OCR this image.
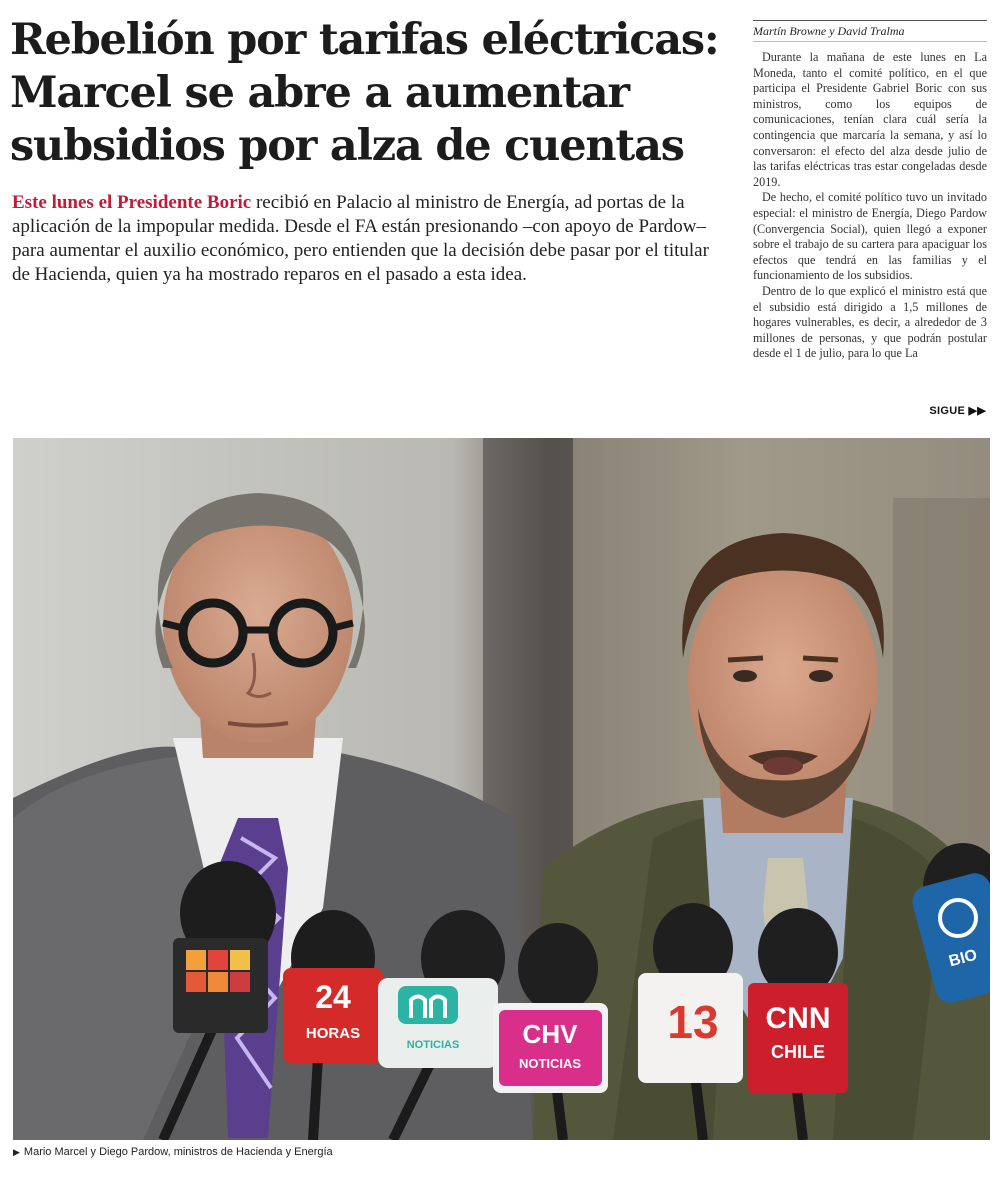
Rebelión por tarifas eléctricas:
Marcel se abre a aumentar
subsidios por alza de cuentas

Este lunes el Presidente Boric recibió en Palacio al ministro de Energía, ad portas de la aplicación de la impopular medida. Desde el FA están presionando –con apoyo de Pardow– para aumentar el auxilio económico, pero entienden que la decisión debe pasar por el titular de Hacienda, quien ya ha mostrado reparos en el pasado a esta idea.

Martín Browne y David Tralma

Durante la mañana de este lunes en La Moneda, tanto el comité político, en el que participa el Presidente Gabriel Boric con sus ministros, como los equipos de comunicaciones, tenían clara cuál sería la contingencia que marcaría la semana, y así lo conversaron: el efecto del alza desde julio de las tarifas eléctricas tras estar congeladas desde 2019.

De hecho, el comité político tuvo un invitado especial: el ministro de Energía, Diego Pardow (Convergencia Social), quien llegó a exponer sobre el trabajo de su cartera para apaciguar los efectos que tendrá en las familias y el funcionamiento de los subsidios.

Dentro de lo que explicó el ministro está que el subsidio está dirigido a 1,5 millones de hogares vulnerables, es decir, a alrededor de 3 millones de personas, y que podrán postular desde el 1 de julio, para lo que La

SIGUE ▶▶
24
HORAS
NOTICIAS CHV
NOTICIAS
13 CNN
CHILE
BIO
▶ Mario Marcel y Diego Pardow, ministros de Hacienda y Energía
